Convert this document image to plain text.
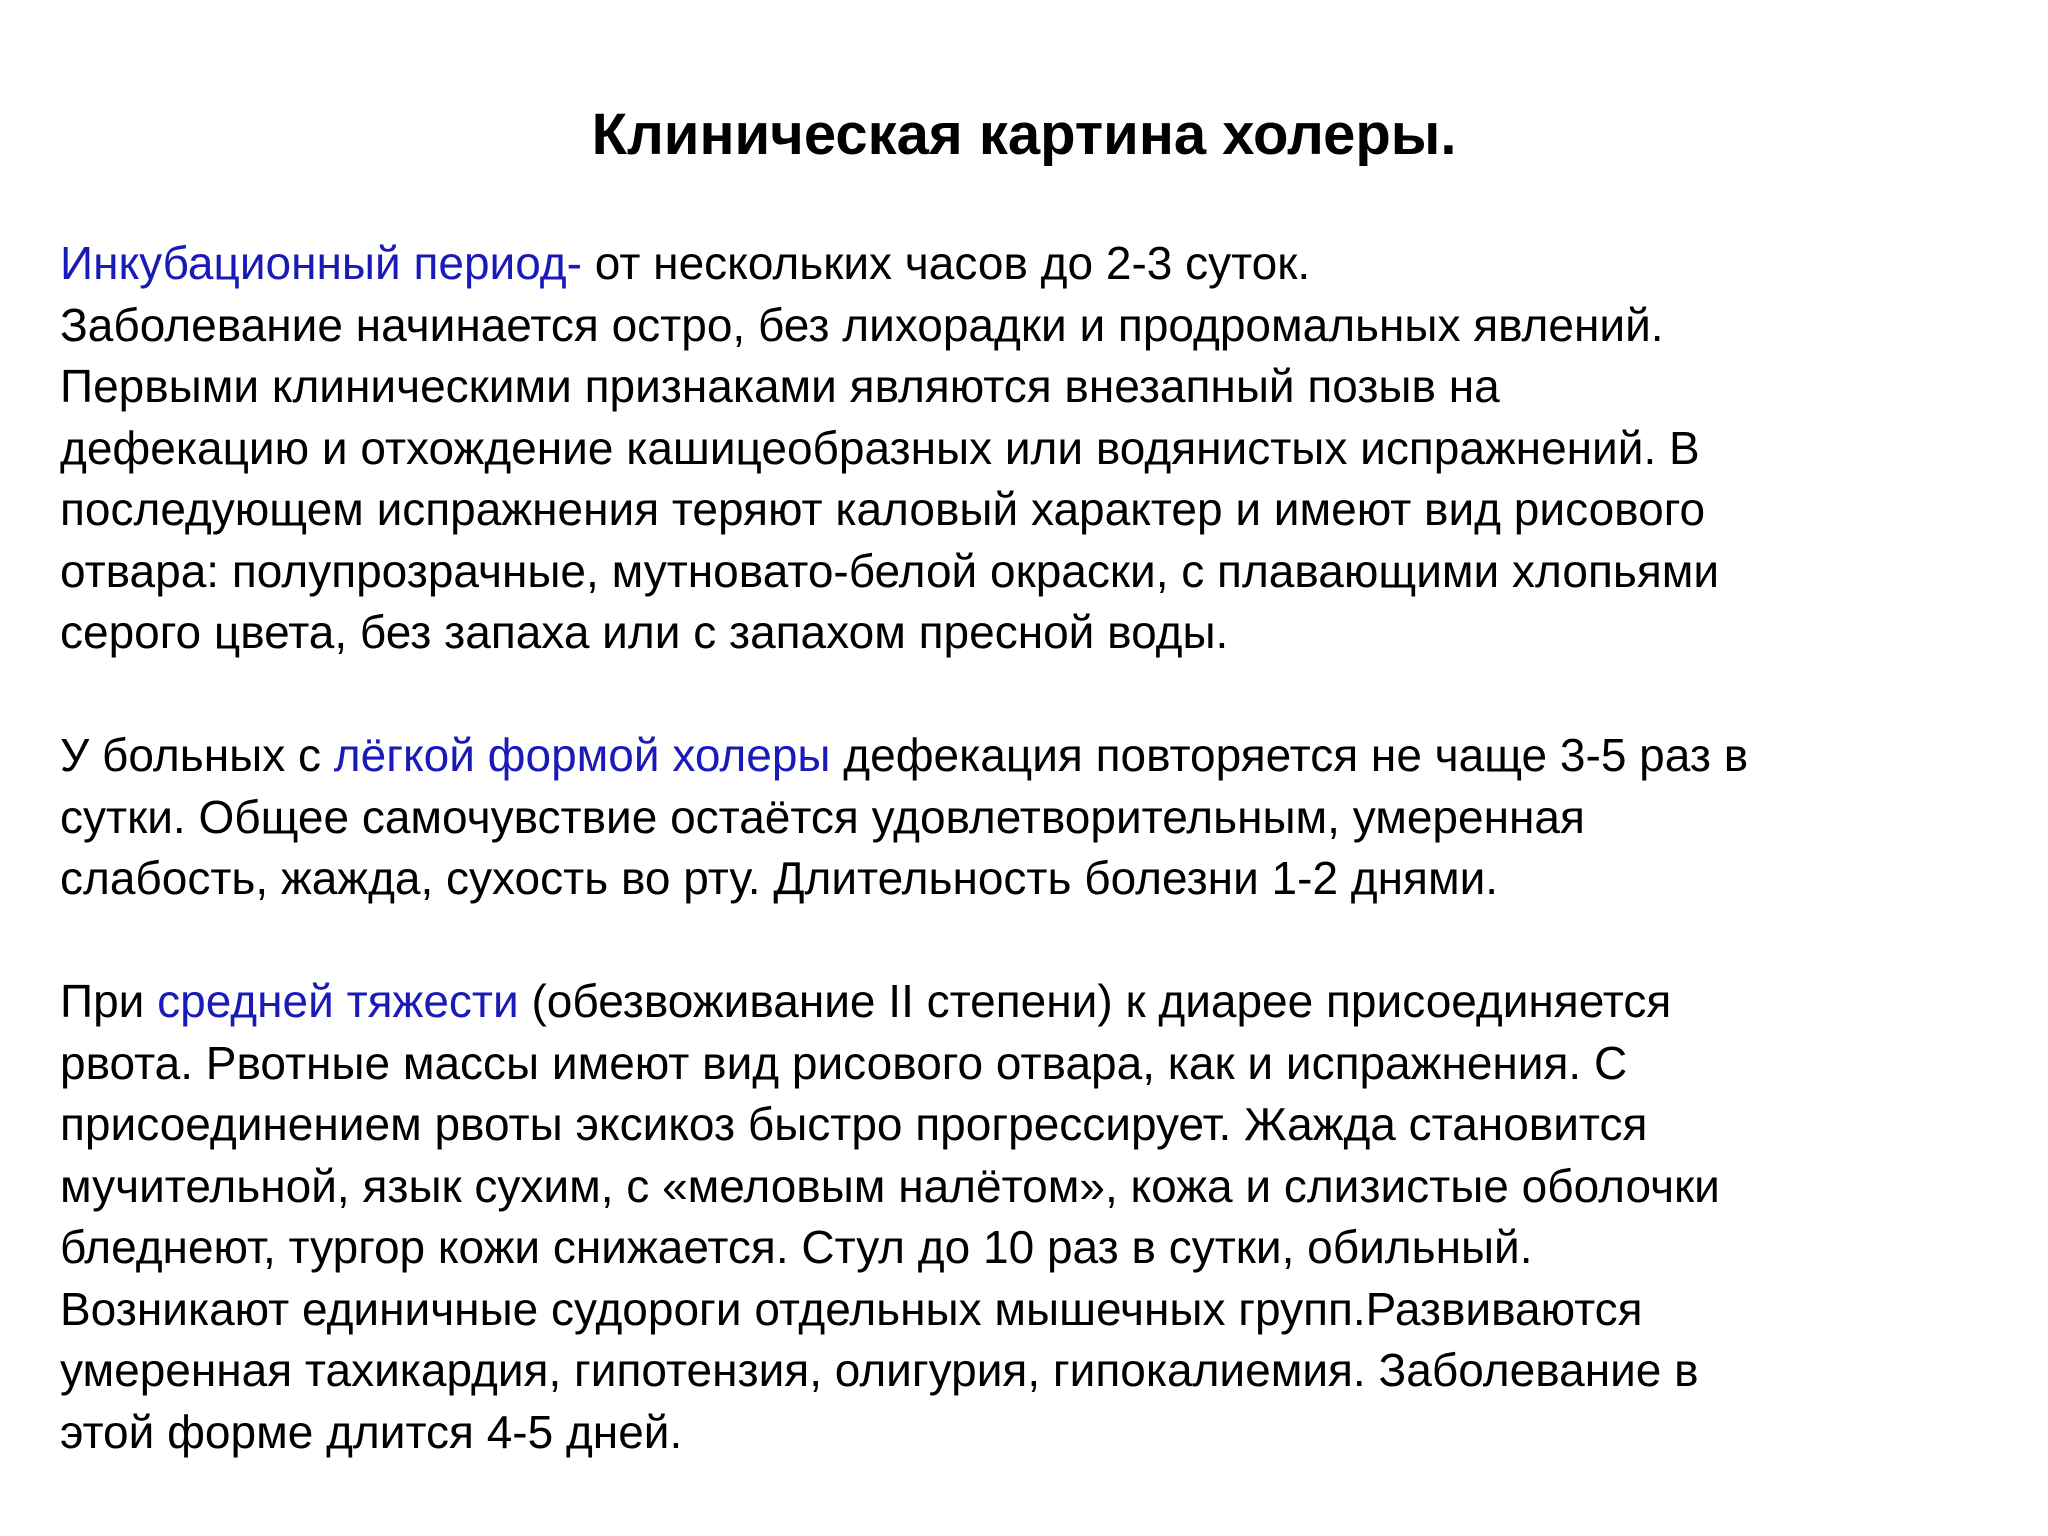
Клиническая картина холеры.
Инкубационный период- от нескольких часов до 2-3 суток.
Заболевание начинается остро, без лихорадки и продромальных явлений.
Первыми клиническими признаками являются внезапный позыв на
дефекацию и отхождение кашицеобразных или водянистых испражнений. В
последующем испражнения теряют каловый характер и имеют вид рисового
отвара: полупрозрачные, мутновато-белой окраски, с плавающими хлопьями
серого цвета, без запаха или с запахом пресной воды.
У больных с лёгкой формой холеры дефекация повторяется не чаще 3-5 раз в
сутки. Общее самочувствие остаётся удовлетворительным, умеренная
слабость, жажда, сухость во рту. Длительность болезни 1-2 днями.
При средней тяжести (обезвоживание II степени) к диарее присоединяется
рвота. Рвотные массы имеют вид рисового отвара, как и испражнения. С
присоединением рвоты эксикоз быстро прогрессирует. Жажда становится
мучительной, язык сухим, с «меловым налётом», кожа и слизистые оболочки
бледнеют, тургор кожи снижается. Стул до 10 раз в сутки, обильный.
Возникают единичные судороги отдельных мышечных групп.Развиваются
умеренная тахикардия, гипотензия, олигурия, гипокалиемия. Заболевание в
этой форме длится 4-5 дней.
